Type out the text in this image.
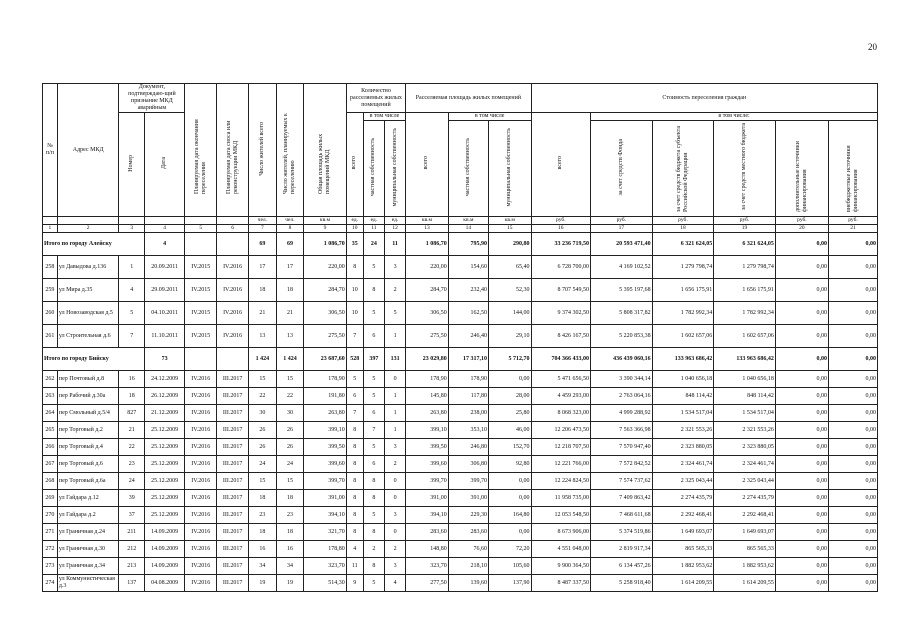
20
№ п/п	Адрес МКД	Документ, подтверждаю-щий признание МКД аварийным		Планируемая дата окончания переселения	Планируемая дата сноса или реконструкции МКД	Число жителей всего	Число жителей, планируемых к переселению	Общая площадь жилых помещений МКД	Количество расселяемых жилых помещений			Расселяемая площадь жилых помещений			Стоимость переселения граждан					
		Номер	Дата						всего	в том числе		всего	в том числе		всего	в том числе:				
										частная собственность	муниципальная собственность		частная собственность	муниципальная собственность		за счет средств Фонда	за счет средств бюджета субъекта Российской Федерации	за счет средств местного бюджета	дополнительные источники финансирования	внебюджетные источники финансирования
						чел.	чел.	кв.м	ед.	ед.	ед.	кв.м	кв.м	кв.м	руб.	руб.	руб.	руб.	руб.	руб.
1	2	3	4	5	6	7	8	9	10	11	12	13	14	15	16	17	18	19	20	21
Итого по городу Алейску			4			69	69	1 086,70	35	24	11	1 086,70	795,90	290,80	33 236 719,50	20 593 471,40	6 321 624,05	6 321 624,05	0,00	0,00
258	ул Давыдова д.136	1	20.09.2011	IV.2015	IV.2016	17	17	220,00	8	5	3	220,00	154,60	65,40	6 728 700,00	4 169 102,52	1 279 798,74	1 279 798,74	0,00	0,00
259	ул Мира д.35	4	29.09.2011	IV.2015	IV.2016	18	18	284,70	10	8	2	284,70	232,40	52,30	8 707 549,50	5 395 197,68	1 656 175,91	1 656 175,91	0,00	0,00
260	ул Новозаводская д.5	5	04.10.2011	IV.2015	IV.2016	21	21	306,50	10	5	5	306,50	162,50	144,00	9 374 302,50	5 808 317,82	1 782 992,34	1 782 992,34	0,00	0,00
261	ул Строительная д.6	7	11.10.2011	IV.2015	IV.2016	13	13	275,50	7	6	1	275,50	246,40	29,10	8 426 167,50	5 220 853,38	1 602 657,06	1 602 657,06	0,00	0,00
Итого по городу Бийску			73			1 424	1 424	23 687,60	528	397	131	23 029,80	17 317,10	5 712,70	704 366 433,00	436 439 060,16	133 963 686,42	133 963 686,42	0,00	0,00
262	пер Почтовый д.8	16	24.12.2009	IV.2016	III.2017	15	15	178,90	5	5	0	178,90	178,90	0,00	5 471 656,50	3 390 344,14	1 040 656,18	1 040 656,18	0,00	0,00
263	пер Рабочий д.30а	18	26.12.2009	IV.2016	III.2017	22	22	191,80	6	5	1	145,80	117,80	28,00	4 459 293,00	2 763 064,16	848 114,42	848 114,42	0,00	0,00
264	пер Смольный д.5/4	827	21.12.2009	IV.2016	III.2017	30	30	263,80	7	6	1	263,80	238,00	25,80	8 068 323,00	4 999 288,92	1 534 517,04	1 534 517,04	0,00	0,00
265	пер Торговый д.2	21	25.12.2009	IV.2016	III.2017	26	26	399,10	8	7	1	399,10	353,10	46,00	12 206 473,50	7 563 366,98	2 321 553,26	2 321 553,26	0,00	0,00
266	пер Торговый д.4	22	25.12.2009	IV.2016	III.2017	26	26	399,50	8	5	3	399,50	246,80	152,70	12 218 707,50	7 570 947,40	2 323 880,05	2 323 880,05	0,00	0,00
267	пер Торговый д.6	23	25.12.2009	IV.2016	III.2017	24	24	399,60	8	6	2	399,60	306,80	92,80	12 221 766,00	7 572 842,52	2 324 461,74	2 324 461,74	0,00	0,00
268	пер Торговый д.6а	24	25.12.2009	IV.2016	III.2017	15	15	399,70	8	8	0	399,70	399,70	0,00	12 224 824,50	7 574 737,62	2 325 043,44	2 325 043,44	0,00	0,00
269	ул Гайдара д.12	39	25.12.2009	IV.2016	III.2017	18	18	391,00	8	8	0	391,00	391,00	0,00	11 958 735,00	7 409 863,42	2 274 435,79	2 274 435,79	0,00	0,00
270	ул Гайдара д.2	37	25.12.2009	IV.2016	III.2017	23	23	394,10	8	5	3	394,10	229,30	164,80	12 053 548,50	7 468 611,68	2 292 468,41	2 292 468,41	0,00	0,00
271	ул Граничная д.24	211	14.09.2009	IV.2016	III.2017	18	18	321,70	8	8	0	283,60	283,60	0,00	8 673 906,00	5 374 519,86	1 649 693,07	1 649 693,07	0,00	0,00
272	ул Граничная д.30	212	14.09.2009	IV.2016	III.2017	16	16	178,80	4	2	2	148,80	76,60	72,20	4 551 048,00	2 819 917,34	865 565,33	865 565,33	0,00	0,00
273	ул Граничная д.34	213	14.09.2009	IV.2016	III.2017	34	34	323,70	11	8	3	323,70	218,10	105,60	9 900 364,50	6 134 457,26	1 882 953,62	1 882 953,62	0,00	0,00
274	ул Коммунистическая д.3	137	04.08.2009	IV.2016	III.2017	19	19	514,30	9	5	4	277,50	139,60	137,90	8 487 337,50	5 258 918,40	1 614 209,55	1 614 209,55	0,00	0,00
